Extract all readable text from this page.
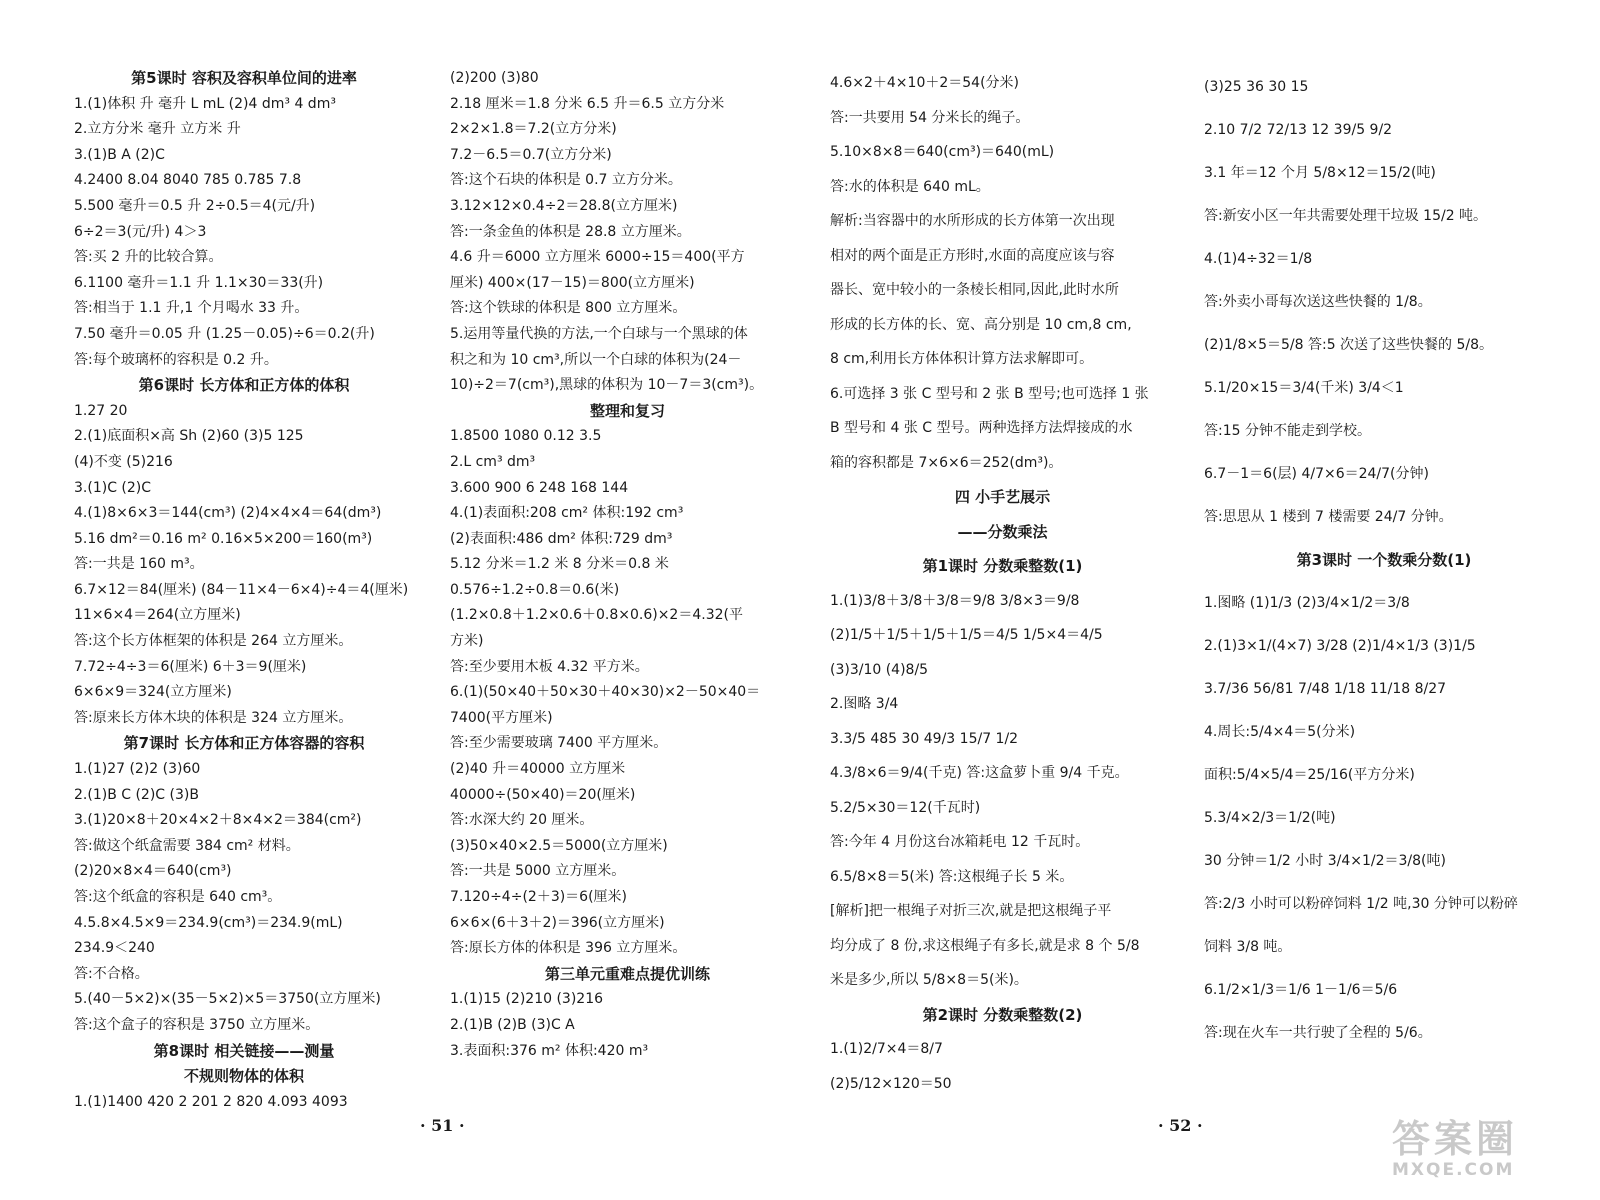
第5课时 容积及容积单位间的进率
1.(1)体积 升 毫升 L mL (2)4 dm³ 4 dm³
2.立方分米 毫升 立方米 升
3.(1)B A (2)C
4.2400 8.04 8040 785 0.785 7.8
5.500 毫升＝0.5 升 2÷0.5＝4(元/升)
6÷2＝3(元/升) 4＞3
答:买 2 升的比较合算。
6.1100 毫升＝1.1 升 1.1×30＝33(升)
答:相当于 1.1 升,1 个月喝水 33 升。
7.50 毫升＝0.05 升 (1.25－0.05)÷6＝0.2(升)
答:每个玻璃杯的容积是 0.2 升。
第6课时 长方体和正方体的体积
1.27 20
2.(1)底面积×高 Sh (2)60 (3)5 125
(4)不变 (5)216
3.(1)C (2)C
4.(1)8×6×3＝144(cm³) (2)4×4×4＝64(dm³)
5.16 dm²＝0.16 m² 0.16×5×200＝160(m³)
答:一共是 160 m³。
6.7×12＝84(厘米) (84－11×4－6×4)÷4＝4(厘米)
11×6×4＝264(立方厘米)
答:这个长方体框架的体积是 264 立方厘米。
7.72÷4÷3＝6(厘米) 6＋3＝9(厘米)
6×6×9＝324(立方厘米)
答:原来长方体木块的体积是 324 立方厘米。
第7课时 长方体和正方体容器的容积
1.(1)27 (2)2 (3)60
2.(1)B C (2)C (3)B
3.(1)20×8＋20×4×2＋8×4×2＝384(cm²)
答:做这个纸盒需要 384 cm² 材料。
(2)20×8×4＝640(cm³)
答:这个纸盒的容积是 640 cm³。
4.5.8×4.5×9＝234.9(cm³)＝234.9(mL)
234.9＜240
答:不合格。
5.(40－5×2)×(35－5×2)×5＝3750(立方厘米)
答:这个盒子的容积是 3750 立方厘米。
第8课时 相关链接——测量
不规则物体的体积
1.(1)1400 420 2 201 2 820 4.093 4093
(2)200 (3)80
2.18 厘米＝1.8 分米 6.5 升＝6.5 立方分米
2×2×1.8＝7.2(立方分米)
7.2－6.5＝0.7(立方分米)
答:这个石块的体积是 0.7 立方分米。
3.12×12×0.4÷2＝28.8(立方厘米)
答:一条金鱼的体积是 28.8 立方厘米。
4.6 升＝6000 立方厘米 6000÷15＝400(平方
厘米) 400×(17－15)＝800(立方厘米)
答:这个铁球的体积是 800 立方厘米。
5.运用等量代换的方法,一个白球与一个黑球的体
积之和为 10 cm³,所以一个白球的体积为(24－
10)÷2＝7(cm³),黑球的体积为 10－7＝3(cm³)。
整理和复习
1.8500 1080 0.12 3.5
2.L cm³ dm³
3.600 900 6 248 168 144
4.(1)表面积:208 cm² 体积:192 cm³
(2)表面积:486 dm² 体积:729 dm³
5.12 分米＝1.2 米 8 分米＝0.8 米
0.576÷1.2÷0.8＝0.6(米)
(1.2×0.8＋1.2×0.6＋0.8×0.6)×2＝4.32(平
方米)
答:至少要用木板 4.32 平方米。
6.(1)(50×40＋50×30＋40×30)×2－50×40＝
7400(平方厘米)
答:至少需要玻璃 7400 平方厘米。
(2)40 升＝40000 立方厘米
40000÷(50×40)＝20(厘米)
答:水深大约 20 厘米。
(3)50×40×2.5＝5000(立方厘米)
答:一共是 5000 立方厘米。
7.120÷4÷(2＋3)＝6(厘米)
6×6×(6＋3＋2)＝396(立方厘米)
答:原长方体的体积是 396 立方厘米。
第三单元重难点提优训练
1.(1)15 (2)210 (3)216
2.(1)B (2)B (3)C A
3.表面积:376 m² 体积:420 m³
4.6×2＋4×10＋2＝54(分米)
答:一共要用 54 分米长的绳子。
5.10×8×8＝640(cm³)＝640(mL)
答:水的体积是 640 mL。
解析:当容器中的水所形成的长方体第一次出现
相对的两个面是正方形时,水面的高度应该与容
器长、宽中较小的一条棱长相同,因此,此时水所
形成的长方体的长、宽、高分别是 10 cm,8 cm,
8 cm,利用长方体体积计算方法求解即可。
6.可选择 3 张 C 型号和 2 张 B 型号;也可选择 1 张
B 型号和 4 张 C 型号。两种选择方法焊接成的水
箱的容积都是 7×6×6＝252(dm³)。
四 小手艺展示
——分数乘法
第1课时 分数乘整数(1)
1.(1)3/8＋3/8＋3/8＝9/8 3/8×3＝9/8
(2)1/5＋1/5＋1/5＋1/5＝4/5 1/5×4＝4/5
(3)3/10 (4)8/5
2.图略 3/4
3.3/5 485 30 49/3 15/7 1/2
4.3/8×6＝9/4(千克) 答:这盒萝卜重 9/4 千克。
5.2/5×30＝12(千瓦时)
答:今年 4 月份这台冰箱耗电 12 千瓦时。
6.5/8×8＝5(米) 答:这根绳子长 5 米。
[解析]把一根绳子对折三次,就是把这根绳子平
均分成了 8 份,求这根绳子有多长,就是求 8 个 5/8
米是多少,所以 5/8×8＝5(米)。
第2课时 分数乘整数(2)
1.(1)2/7×4＝8/7
(2)5/12×120＝50
(3)25 36 30 15
2.10 7/2 72/13 12 39/5 9/2
3.1 年＝12 个月 5/8×12＝15/2(吨)
答:新安小区一年共需要处理干垃圾 15/2 吨。
4.(1)4÷32＝1/8
答:外卖小哥每次送这些快餐的 1/8。
(2)1/8×5＝5/8 答:5 次送了这些快餐的 5/8。
5.1/20×15＝3/4(千米) 3/4＜1
答:15 分钟不能走到学校。
6.7－1＝6(层) 4/7×6＝24/7(分钟)
答:思思从 1 楼到 7 楼需要 24/7 分钟。
第3课时 一个数乘分数(1)
1.图略 (1)1/3 (2)3/4×1/2＝3/8
2.(1)3×1/(4×7) 3/28 (2)1/4×1/3 (3)1/5
3.7/36 56/81 7/48 1/18 11/18 8/27
4.周长:5/4×4＝5(分米)
面积:5/4×5/4＝25/16(平方分米)
5.3/4×2/3＝1/2(吨)
30 分钟＝1/2 小时 3/4×1/2＝3/8(吨)
答:2/3 小时可以粉碎饲料 1/2 吨,30 分钟可以粉碎
饲料 3/8 吨。
6.1/2×1/3＝1/6 1－1/6＝5/6
答:现在火车一共行驶了全程的 5/6。
· 51 ·	· 52 ·	答案圈
MXQE.COM
